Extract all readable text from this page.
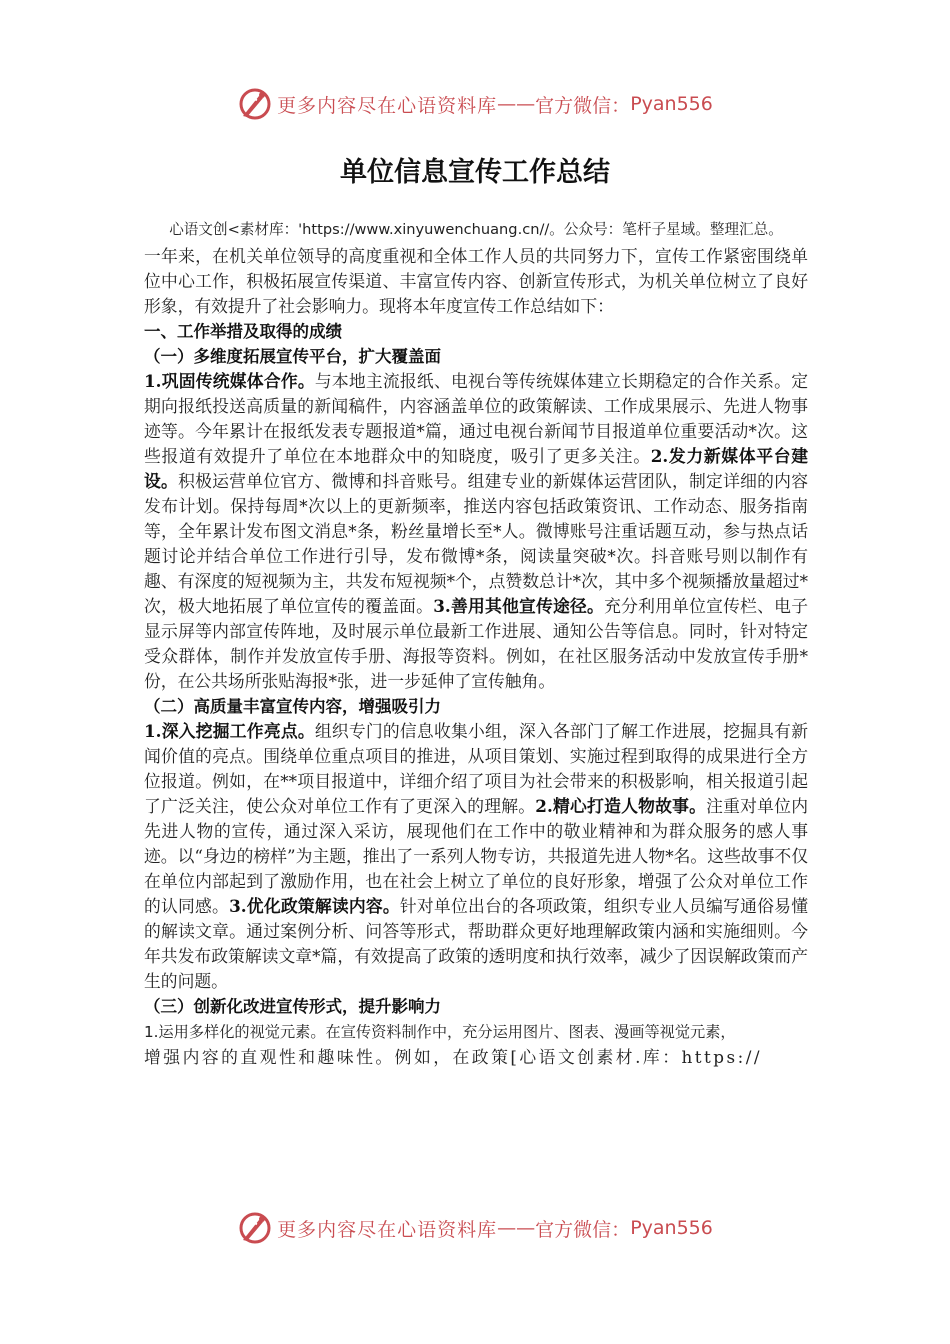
更多内容尽在心语资料库 —— 官方微信： Pyan556
单位信息宣传工作总结
心语文创<素材库：'https://www.xinyuwenchuang.cn//。公众号：笔杆子星域。整理汇总。

一年来，在机关单位领导的高度重视和全体工作人员的共同努力下，宣传工作紧密围绕单位中心工作，积极拓展宣传渠道、丰富宣传内容、创新宣传形式，为机关单位树立了良好形象，有效提升了社会影响力。现将本年度宣传工作总结如下：

一、工作举措及取得的成绩
（一）多维度拓展宣传平台，扩大覆盖面

1.巩固传统媒体合作。与本地主流报纸、电视台等传统媒体建立长期稳定的合作关系。定期向报纸投送高质量的新闻稿件，内容涵盖单位的政策解读、工作成果展示、先进人物事迹等。今年累计在报纸发表专题报道*篇，通过电视台新闻节目报道单位重要活动*次。这些报道有效提升了单位在本地群众中的知晓度，吸引了更多关注。2.发力新媒体平台建设。积极运营单位官方、微博和抖音账号。组建专业的新媒体运营团队，制定详细的内容发布计划。保持每周*次以上的更新频率，推送内容包括政策资讯、工作动态、服务指南等，全年累计发布图文消息*条，粉丝量增长至*人。微博账号注重话题互动，参与热点话题讨论并结合单位工作进行引导，发布微博*条，阅读量突破*次。抖音账号则以制作有趣、有深度的短视频为主，共发布短视频*个，点赞数总计*次，其中多个视频播放量超过*次，极大地拓展了单位宣传的覆盖面。3.善用其他宣传途径。充分利用单位宣传栏、电子显示屏等内部宣传阵地，及时展示单位最新工作进展、通知公告等信息。同时，针对特定受众群体，制作并发放宣传手册、海报等资料。例如，在社区服务活动中发放宣传手册*份，在公共场所张贴海报*张，进一步延伸了宣传触角。

（二）高质量丰富宣传内容，增强吸引力

1.深入挖掘工作亮点。组织专门的信息收集小组，深入各部门了解工作进展，挖掘具有新闻价值的亮点。围绕单位重点项目的推进，从项目策划、实施过程到取得的成果进行全方位报道。例如，在**项目报道中，详细介绍了项目为社会带来的积极影响，相关报道引起了广泛关注，使公众对单位工作有了更深入的理解。2.精心打造人物故事。注重对单位内先进人物的宣传，通过深入采访，展现他们在工作中的敬业精神和为群众服务的感人事迹。以“身边的榜样”为主题，推出了一系列人物专访，共报道先进人物*名。这些故事不仅在单位内部起到了激励作用，也在社会上树立了单位的良好形象，增强了公众对单位工作的认同感。3.优化政策解读内容。针对单位出台的各项政策，组织专业人员编写通俗易懂的解读文章。通过案例分析、问答等形式，帮助群众更好地理解政策内涵和实施细则。今年共发布政策解读文章*篇，有效提高了政策的透明度和执行效率，减少了因误解政策而产生的问题。

（三）创新化改进宣传形式，提升影响力

1.运用多样化的视觉元素。在宣传资料制作中，充分运用图片、图表、漫画等视觉元素，

增强内容的直观性和趣味性。例如，在政策[心语文创素材.库：https://

更多内容尽在心语资料库 —— 官方微信： Pyan556
